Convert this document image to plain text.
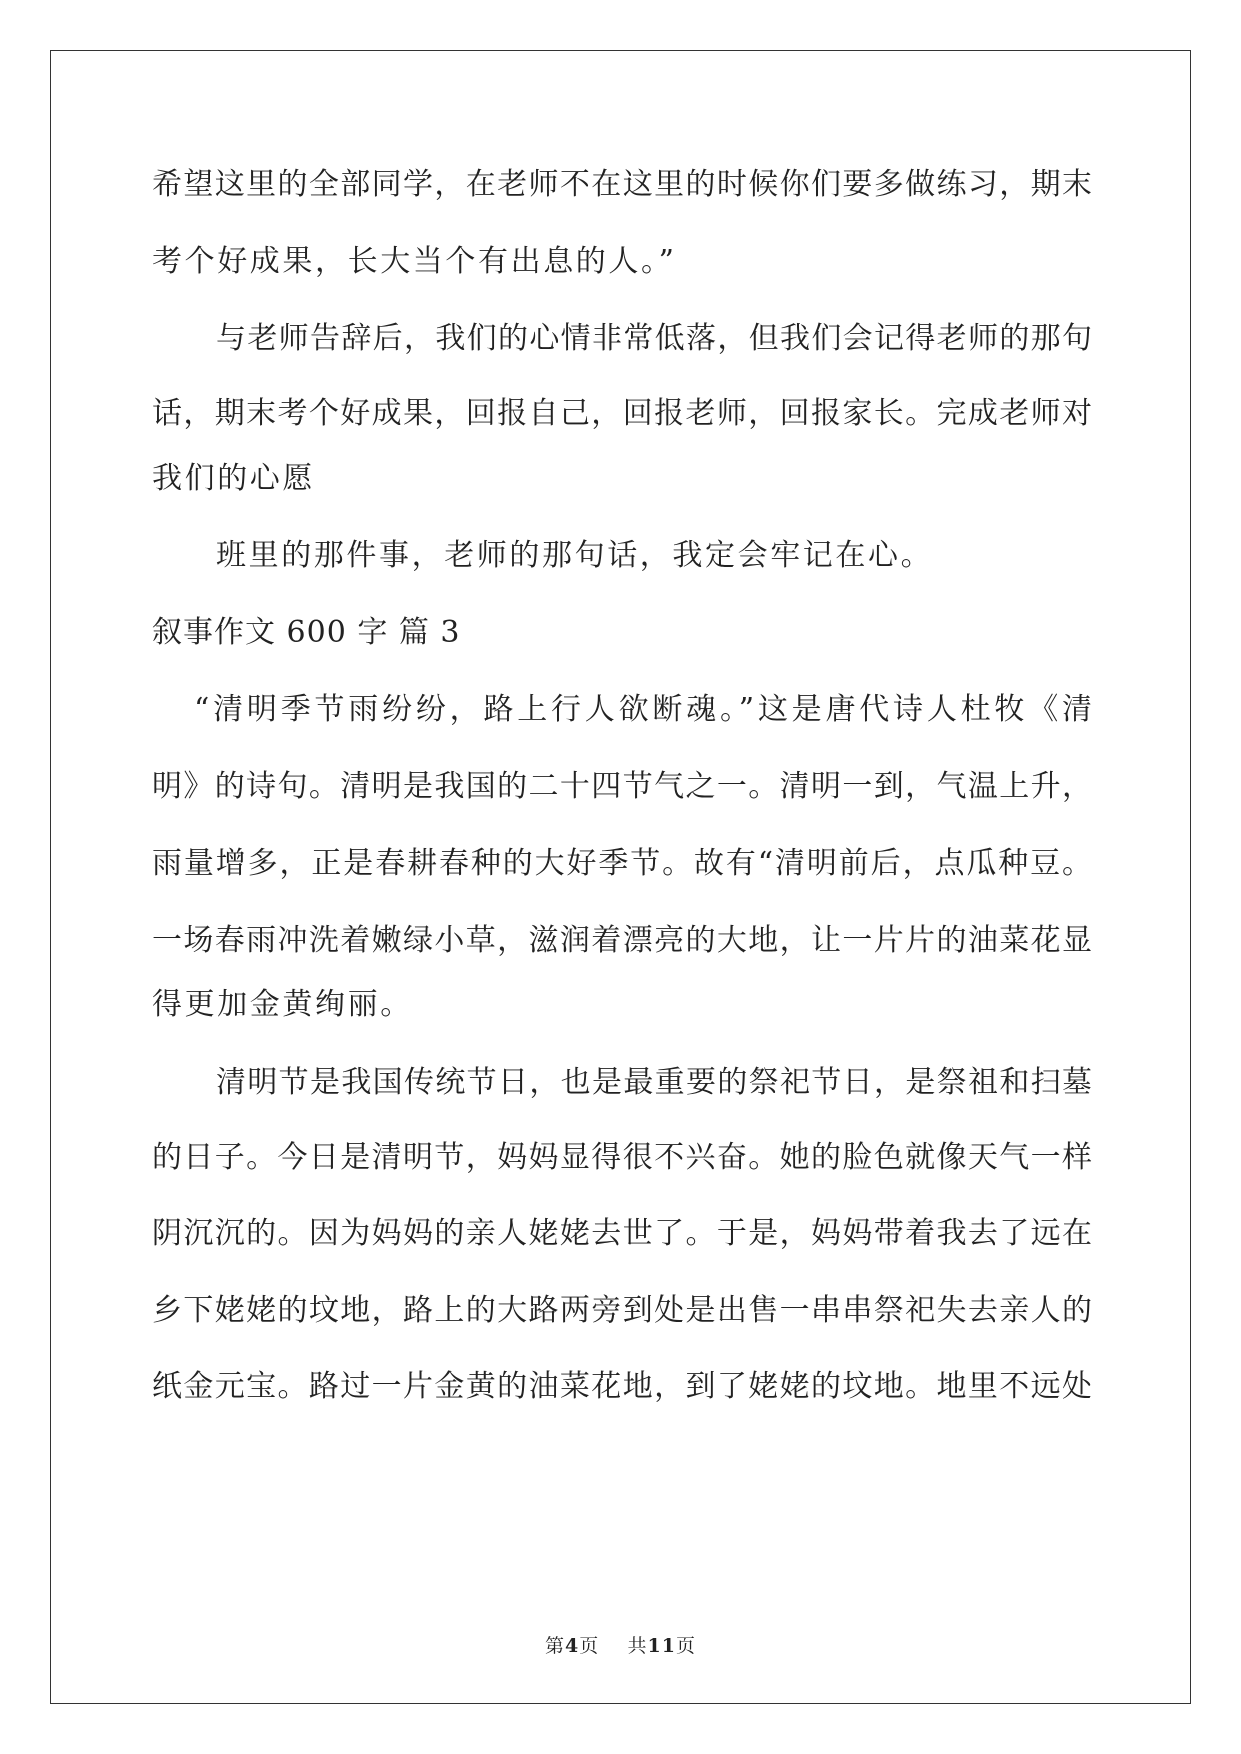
希望这里的全部同学，在老师不在这里的时候你们要多做练习，期末
考个好成果，长大当个有出息的人。”
与老师告辞后，我们的心情非常低落，但我们会记得老师的那句
话，期末考个好成果，回报自己，回报老师，回报家长。完成老师对
我们的心愿
班里的那件事，老师的那句话，我定会牢记在心。
叙事作文 600 字 篇 3
“清明季节雨纷纷，路上行人欲断魂。”这是唐代诗人杜牧《清
明》的诗句。清明是我国的二十四节气之一。清明一到，气温上升，
雨量增多，正是春耕春种的大好季节。故有“清明前后，点瓜种豆。
一场春雨冲洗着嫩绿小草，滋润着漂亮的大地，让一片片的油菜花显
得更加金黄绚丽。
清明节是我国传统节日，也是最重要的祭祀节日，是祭祖和扫墓
的日子。今日是清明节，妈妈显得很不兴奋。她的脸色就像天气一样
阴沉沉的。因为妈妈的亲人姥姥去世了。于是，妈妈带着我去了远在
乡下姥姥的坟地，路上的大路两旁到处是出售一串串祭祀失去亲人的
纸金元宝。路过一片金黄的油菜花地，到了姥姥的坟地。地里不远处
第4页 共11页
